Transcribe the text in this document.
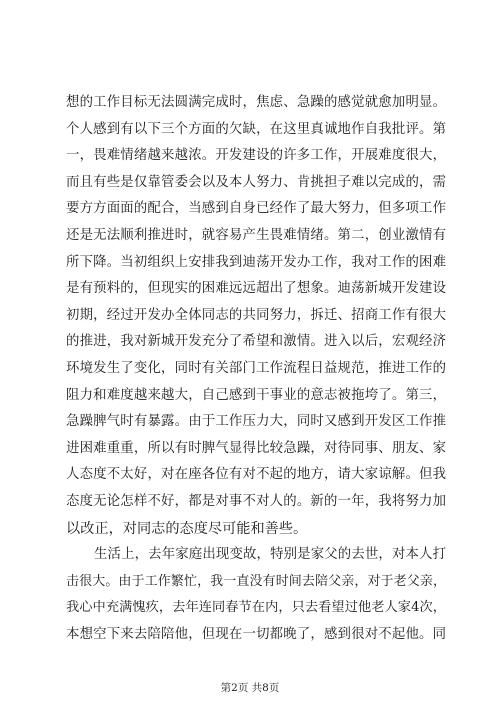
想的工作目标无法圆满完成时，焦虑、急躁的感觉就愈加明显。
个人感到有以下三个方面的欠缺，在这里真诚地作自我批评。第
一，畏难情绪越来越浓。开发建设的许多工作，开展难度很大，
而且有些是仅靠管委会以及本人努力、肯挑担子难以完成的，需
要方方面面的配合，当感到自身已经作了最大努力，但多项工作
还是无法顺利推进时，就容易产生畏难情绪。第二，创业激情有
所下降。当初组织上安排我到迪荡开发办工作，我对工作的困难
是有预料的，但现实的困难远远超出了想象。迪荡新城开发建设
初期，经过开发办全体同志的共同努力，拆迁、招商工作有很大
的推进，我对新城开发充分了希望和激情。进入以后，宏观经济
环境发生了变化，同时有关部门工作流程日益规范，推进工作的
阻力和难度越来越大，自己感到干事业的意志被拖垮了。第三，
急躁脾气时有暴露。由于工作压力大，同时又感到开发区工作推
进困难重重，所以有时脾气显得比较急躁，对待同事、朋友、家
人态度不太好，对在座各位有对不起的地方，请大家谅解。但我
态度无论怎样不好，都是对事不对人的。新的一年，我将努力加
以改正，对同志的态度尽可能和善些。
生活上，去年家庭出现变故，特别是家父的去世，对本人打
击很大。由于工作繁忙，我一直没有时间去陪父亲，对于老父亲，
我心中充满愧疚，去年连同春节在内，只去看望过他老人家4次，
本想空下来去陪陪他，但现在一切都晚了，感到很对不起他。同
第2页 共8页
